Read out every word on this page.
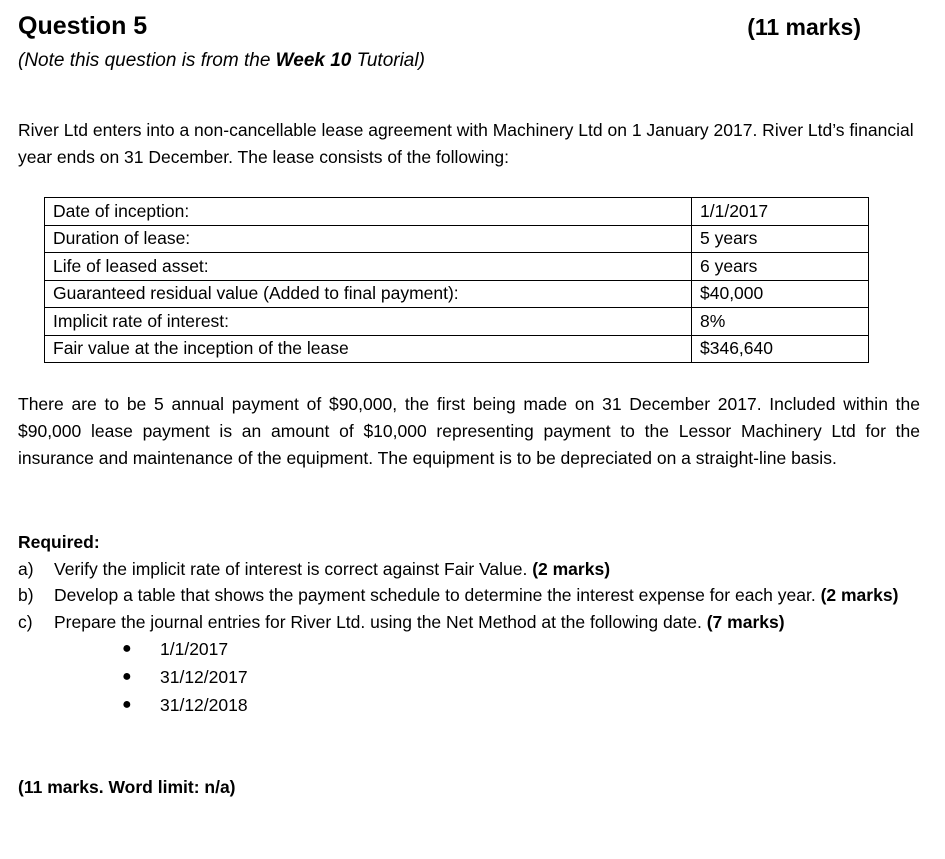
Question 5	(11 marks)
(Note this question is from the Week 10 Tutorial)
River Ltd enters into a non-cancellable lease agreement with Machinery Ltd on 1 January 2017. River Ltd’s financial year ends on 31 December. The lease consists of the following:
Date of inception:	1/1/2017
Duration of lease:	5 years
Life of leased asset:	6 years
Guaranteed residual value (Added to final payment):	$40,000
Implicit rate of interest:	8%
Fair value at the inception of the lease	$346,640
There are to be 5 annual payment of $90,000, the first being made on 31 December 2017. Included within the $90,000 lease payment is an amount of $10,000 representing payment to the Lessor Machinery Ltd for the insurance and maintenance of the equipment. The equipment is to be depreciated on a straight-line basis.
Required:
a)	Verify the implicit rate of interest is correct against Fair Value. (2 marks)
b)	Develop a table that shows the payment schedule to determine the interest expense for each year. (2 marks)
c)	Prepare the journal entries for River Ltd. using the Net Method at the following date. (7 marks)
●	1/1/2017
●	31/12/2017
●	31/12/2018
(11 marks. Word limit: n/a)
